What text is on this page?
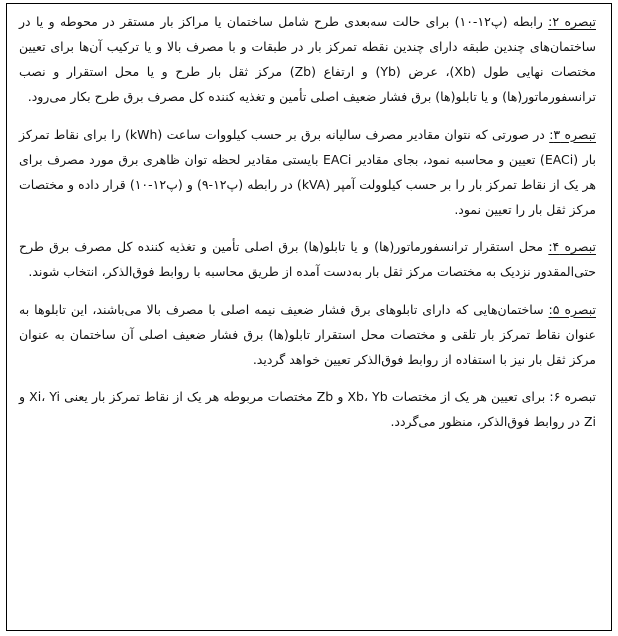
تبصره ۲: رابطه (پ۱۲-۱۰) برای حالت سه‌بعدی طرح شامل ساختمان یا مراکز بار مستقر در محوطه و یا در ساختمان‌های چندین طبقه دارای چندین نقطه تمرکز بار در طبقات و با مصرف بالا و یا ترکیب آن‌ها برای تعیین مختصات نهایی طول (Xb)، عرض (Yb) و ارتفاع (Zb) مرکز ثقل بار طرح و یا محل استقرار و نصب ترانسفورماتور(ها) و یا تابلو(ها) برق فشار ضعیف اصلی تأمین و تغذیه کننده کل مصرف برق طرح بکار می‌رود.

تبصره ۳: در صورتی که نتوان مقادیر مصرف سالیانه برق بر حسب کیلووات ساعت (kWh) را برای نقاط تمرکز بار (EACi) تعیین و محاسبه نمود، بجای مقادیر EACi بایستی مقادیر لحظه توان ظاهری برق مورد مصرف برای هر یک از نقاط تمرکز بار را بر حسب کیلوولت آمپر (kVA) در رابطه (پ۱۲-۹) و (پ۱۲-۱۰) قرار داده و مختصات مرکز ثقل بار را تعیین نمود.

تبصره ۴: محل استقرار ترانسفورماتور(ها) و یا تابلو(ها) برق اصلی تأمین و تغذیه کننده کل مصرف برق طرح حتی‌المقدور نزدیک به مختصات مرکز ثقل بار به‌دست آمده از طریق محاسبه با روابط فوق‌الذکر، انتخاب شوند.

تبصره ۵: ساختمان‌هایی که دارای تابلوهای برق فشار ضعیف نیمه اصلی با مصرف بالا می‌باشند، این تابلوها به عنوان نقاط تمرکز بار تلقی و مختصات محل استقرار تابلو(ها) برق فشار ضعیف اصلی آن ساختمان به عنوان مرکز ثقل بار نیز با استفاده از روابط فوق‌الذکر تعیین خواهد گردید.

تبصره ۶: برای تعیین هر یک از مختصات Xb، Yb و Zb مختصات مربوطه هر یک از نقاط تمرکز بار یعنی Xi، Yi و Zi در روابط فوق‌الذکر، منظور می‌گردد.
